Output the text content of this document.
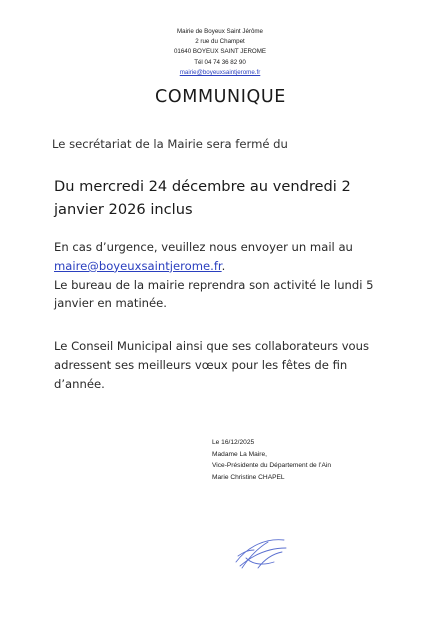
Mairie de Boyeux Saint Jérôme
2 rue du Champet
01640 BOYEUX SAINT JEROME
Tél 04 74 36 82 90
mairie@boyeuxsaintjerome.fr
COMMUNIQUE
Le secrétariat de la Mairie sera fermé du
Du mercredi 24 décembre au vendredi 2
janvier 2026 inclus
En cas d’urgence, veuillez nous envoyer un mail au
maire@boyeuxsaintjerome.fr.
Le bureau de la mairie reprendra son activité le lundi 5 janvier en matinée.
Le Conseil Municipal ainsi que ses collaborateurs vous adressent ses meilleurs vœux pour les fêtes de fin d’année.
Le 16/12/2025
Madame La Maire,
Vice-Présidente du Département de l’Ain
Marie Christine CHAPEL
